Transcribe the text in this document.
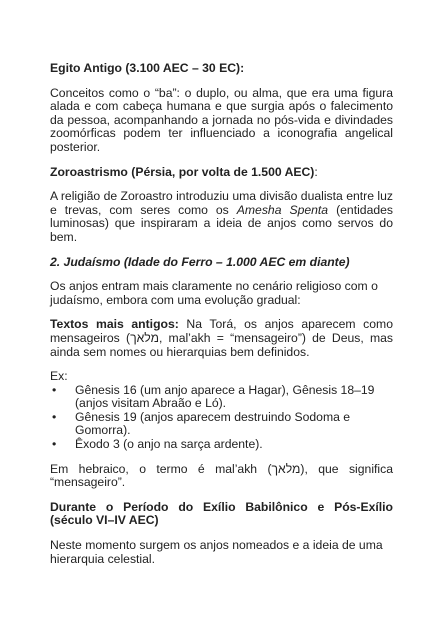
Egito Antigo (3.100 AEC – 30 EC):
Conceitos como o “ba”: o duplo, ou alma, que era uma figura alada e com cabeça humana e que surgia após o falecimento da pessoa, acompanhando a jornada no pós-vida e divindades zoomórficas podem ter influenciado a iconografia angelical posterior.
Zoroastrismo (Pérsia, por volta de 1.500 AEC):
A religião de Zoroastro introduziu uma divisão dualista entre luz e trevas, com seres como os Amesha Spenta (entidades luminosas) que inspiraram a ideia de anjos como servos do bem.
2. Judaísmo (Idade do Ferro – 1.000 AEC em diante)
Os anjos entram mais claramente no cenário religioso com o judaísmo, embora com uma evolução gradual:
Textos mais antigos: Na Torá, os anjos aparecem como mensageiros (מלאך, mal’akh = “mensageiro”) de Deus, mas ainda sem nomes ou hierarquias bem definidos.
Ex:
• Gênesis 16 (um anjo aparece a Hagar), Gênesis 18–19 (anjos visitam Abraão e Ló).
• Gênesis 19 (anjos aparecem destruindo Sodoma e Gomorra).
• Êxodo 3 (o anjo na sarça ardente).
Em hebraico, o termo é mal’akh (מלאך), que significa “mensageiro”.
Durante o Período do Exílio Babilônico e Pós-Exílio (século VI–IV AEC)
Neste momento surgem os anjos nomeados e a ideia de uma hierarquia celestial.
